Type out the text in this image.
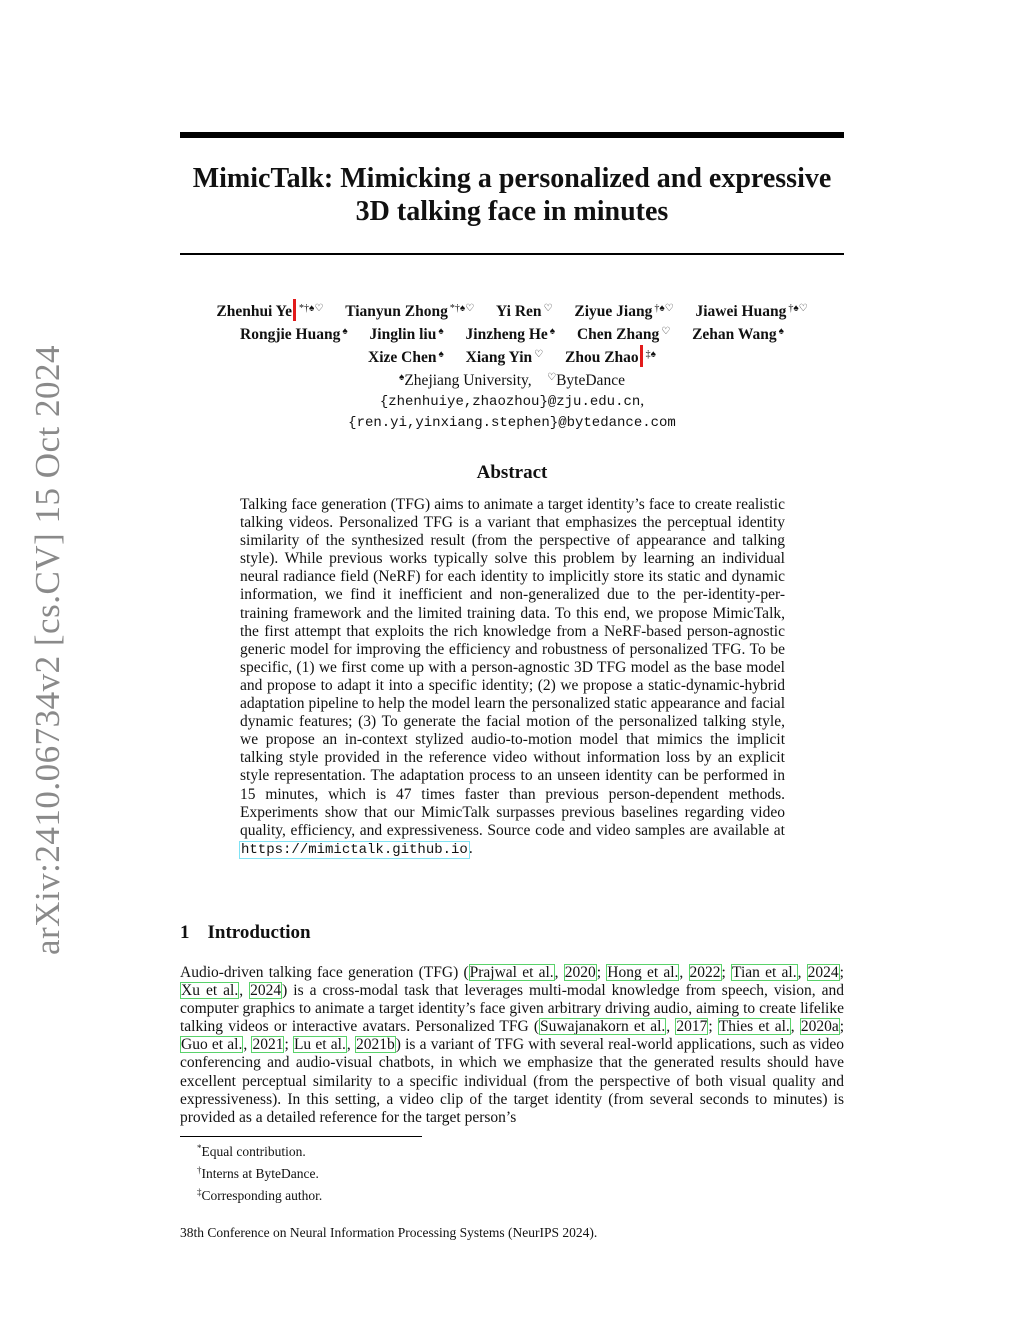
arXiv:2410.06734v2 [cs.CV] 15 Oct 2024
MimicTalk: Mimicking a personalized and expressive 3D talking face in minutes
Zhenhui Ye *†♠♡ Tianyun Zhong *†♠♡ Yi Ren ♡ Ziyue Jiang †♠♡ Jiawei Huang †♠♡
Rongjie Huang ♠ Jinglin liu ♠ Jinzheng He ♠ Chen Zhang ♡ Zehan Wang ♠
Xize Chen ♠ Xiang Yin ♡ Zhou Zhao ‡♠
♠Zhejiang University, ♡ByteDance
{zhenhuiye,zhaozhou}@zju.edu.cn,
{ren.yi,yinxiang.stephen}@bytedance.com
Abstract

Talking face generation (TFG) aims to animate a target identity’s face to create realistic talking videos. Personalized TFG is a variant that emphasizes the perceptual identity similarity of the synthesized result (from the perspective of appearance and talking style). While previous works typically solve this problem by learning an individual neural radiance field (NeRF) for each identity to implicitly store its static and dynamic information, we find it inefficient and non-generalized due to the per-identity-per-training framework and the limited training data. To this end, we propose MimicTalk, the first attempt that exploits the rich knowledge from a NeRF-based person-agnostic generic model for improving the efficiency and robustness of personalized TFG. To be specific, (1) we first come up with a person-agnostic 3D TFG model as the base model and propose to adapt it into a specific identity; (2) we propose a static-dynamic-hybrid adaptation pipeline to help the model learn the personalized static appearance and facial dynamic features; (3) To generate the facial motion of the personalized talking style, we propose an in-context stylized audio-to-motion model that mimics the implicit talking style provided in the reference video without information loss by an explicit style representation. The adaptation process to an unseen identity can be performed in 15 minutes, which is 47 times faster than previous person-dependent methods. Experiments show that our MimicTalk surpasses previous baselines regarding video quality, efficiency, and expressiveness. Source code and video samples are available at https://mimictalk.github.io.

1 Introduction

Audio-driven talking face generation (TFG) (Prajwal et al., 2020; Hong et al., 2022; Tian et al., 2024; Xu et al., 2024) is a cross-modal task that leverages multi-modal knowledge from speech, vision, and computer graphics to animate a target identity’s face given arbitrary driving audio, aiming to create lifelike talking videos or interactive avatars. Personalized TFG (Suwajanakorn et al., 2017; Thies et al., 2020a; Guo et al., 2021; Lu et al., 2021b) is a variant of TFG with several real-world applications, such as video conferencing and audio-visual chatbots, in which we emphasize that the generated results should have excellent perceptual similarity to a specific individual (from the perspective of both visual quality and expressiveness). In this setting, a video clip of the target identity (from several seconds to minutes) is provided as a detailed reference for the target person’s

*Equal contribution.
†Interns at ByteDance.
‡Corresponding author.
38th Conference on Neural Information Processing Systems (NeurIPS 2024).
